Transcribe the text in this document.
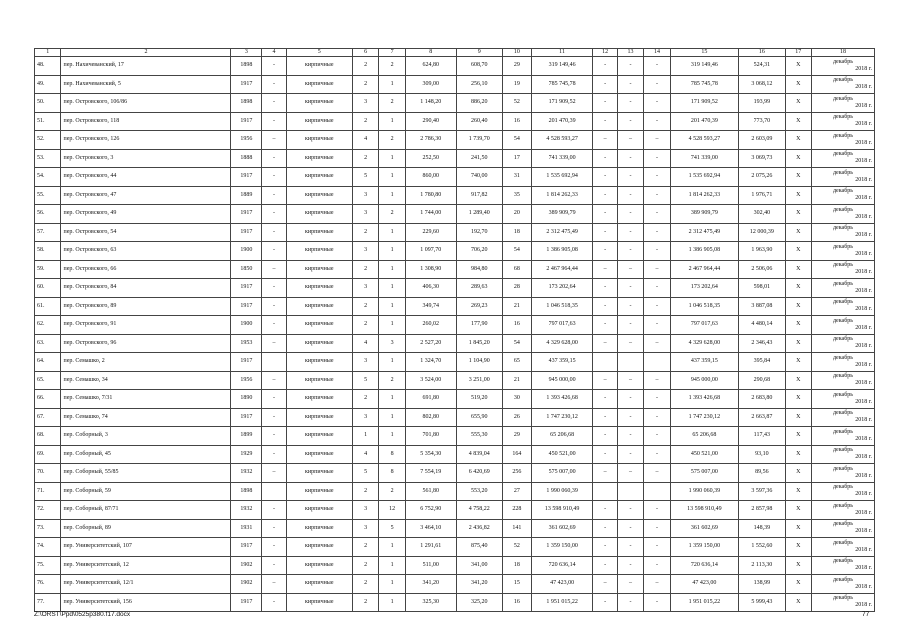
1	2	3	4	5	6	7	8	9	10	11	12	13	14	15	16	17	18
48.	пер. Нахичеванский, 17	1898	-	кирпичные	2	2	624,80	608,70	29	319 149,46	-	-	-	319 149,46	524,31	Х	декабрь
2018 г.

49.	пер. Нахичеванский, 5	1917	-	кирпичные	2	1	309,00	256,10	19	785 745,78	-	-	-	785 745,78	3 068,12	Х	декабрь
2018 г.

50.	пер. Островского, 106/86	1898	-	кирпичные	3	2	1 148,20	886,20	52	171 909,52	-	-	-	171 909,52	193,99	Х	декабрь
2018 г.

51.	пер. Островского, 118	1917	-	кирпичные	2	1	290,40	260,40	16	201 470,39	-	-	-	201 470,39	773,70	Х	декабрь
2018 г.

52.	пер. Островского, 126	1956	–	кирпичные	4	2	2 786,30	1 739,70	54	4 528 593,27	–	–	–	4 528 593,27	2 603,09	Х	декабрь
2018 г.

53.	пер. Островского, 3	1888	-	кирпичные	2	1	252,50	241,50	17	741 339,00	-	-	-	741 339,00	3 069,73	Х	декабрь
2018 г.

54.	пер. Островского, 44	1917	-	кирпичные	5	1	860,00	740,00	31	1 535 692,94	-	-	-	1 535 692,94	2 075,26	Х	декабрь
2018 г.

55.	пер. Островского, 47	1889	-	кирпичные	3	1	1 780,80	917,82	35	1 814 262,33	-	-	-	1 814 262,33	1 976,71	Х	декабрь
2018 г.

56.	пер. Островского, 49	1917	-	кирпичные	3	2	1 744,00	1 289,40	20	389 909,79	-	-	-	389 909,79	302,40	Х	декабрь
2018 г.

57.	пер. Островского, 54	1917	-	кирпичные	2	1	229,60	192,70	18	2 312 475,49	-	-	-	2 312 475,49	12 000,39	Х	декабрь
2018 г.

58.	пер. Островского, 63	1900	-	кирпичные	3	1	1 097,70	706,20	54	1 386 905,08	-	-	-	1 386 905,08	1 963,90	Х	декабрь
2018 г.

59.	пер. Островского, 66	1850	–	кирпичные	2	1	1 308,90	984,80	68	2 467 964,44	–	–	–	2 467 964,44	2 506,06	Х	декабрь
2018 г.

60.	пер. Островского, 84	1917	-	кирпичные	3	1	406,30	289,63	28	173 202,64	-	-	-	173 202,64	598,01	Х	декабрь
2018 г.

61.	пер. Островского, 89	1917	-	кирпичные	2	1	349,74	269,23	21	1 046 518,35	-	-	-	1 046 518,35	3 887,08	Х	декабрь
2018 г.

62.	пер. Островского, 91	1900	-	кирпичные	2	1	260,02	177,90	16	797 017,63	-	-	-	797 017,63	4 480,14	Х	декабрь
2018 г.

63.	пер. Островского, 96	1953	–	кирпичные	4	3	2 527,20	1 845,20	54	4 329 628,00	–	–	–	4 329 628,00	2 346,43	Х	декабрь
2018 г.

64.	пер. Семашко, 2	1917		кирпичные	3	1	1 324,70	1 104,90	65	437 359,15				437 359,15	395,84	Х	декабрь
2018 г.

65.	пер. Семашко, 34	1956	–	кирпичные	5	2	3 524,00	3 251,00	21	945 000,00	–	–	–	945 000,00	290,68	Х	декабрь
2018 г.

66.	пер. Семашко, 7/31	1890	-	кирпичные	2	1	691,80	519,20	30	1 393 426,68	-	-	-	1 393 426,68	2 683,80	Х	декабрь
2018 г.

67.	пер. Семашко, 74	1917	-	кирпичные	3	1	802,80	655,90	26	1 747 230,12	-	-	-	1 747 230,12	2 663,87	Х	декабрь
2018 г.

68.	пер. Соборный, 3	1899	-	кирпичные	1	1	701,80	555,30	29	65 206,68	-	-	-	65 206,68	117,43	Х	декабрь
2018 г.

69.	пер. Соборный, 45	1929	-	кирпичные	4	8	5 354,30	4 839,04	164	450 521,00	-	-	-	450 521,00	93,10	Х	декабрь
2018 г.

70.	пер. Соборный, 55/85	1932	–	кирпичные	5	8	7 554,19	6 420,69	256	575 007,00	–	–	–	575 007,00	89,56	Х	декабрь
2018 г.

71.	пер. Соборный, 59	1898		кирпичные	2	2	561,80	553,20	27	1 990 060,39				1 990 060,39	3 597,36	Х	декабрь
2018 г.

72.	пер. Соборный, 87/71	1932	-	кирпичные	3	12	6 752,90	4 758,22	228	13 598 910,49	-	-	-	13 598 910,49	2 857,98	Х	декабрь
2018 г.

73.	пер. Соборный, 89	1931	-	кирпичные	3	5	3 464,10	2 436,82	141	361 602,69	-	-	-	361 602,69	148,39	Х	декабрь
2018 г.

74.	пер. Университетский, 107	1917	-	кирпичные	2	1	1 291,61	875,40	52	1 359 150,00	-	-	-	1 359 150,00	1 552,60	Х	декабрь
2018 г.

75.	пер. Университетский, 12	1902	-	кирпичные	2	1	511,00	341,00	18	720 636,14	-	-	-	720 636,14	2 113,30	Х	декабрь
2018 г.

76.	пер. Университетский, 12/1	1902	–	кирпичные	2	1	341,20	341,20	15	47 423,00	–	–	–	47 423,00	138,99	Х	декабрь
2018 г.

77.	пер. Университетский, 156	1917	-	кирпичные	2	1	325,30	325,20	16	1 951 015,22	-	-	-	1 951 015,22	5 999,43	Х	декабрь
2018 г.
Z:\ORST\Ppd\0525p380.f17.docx	77
